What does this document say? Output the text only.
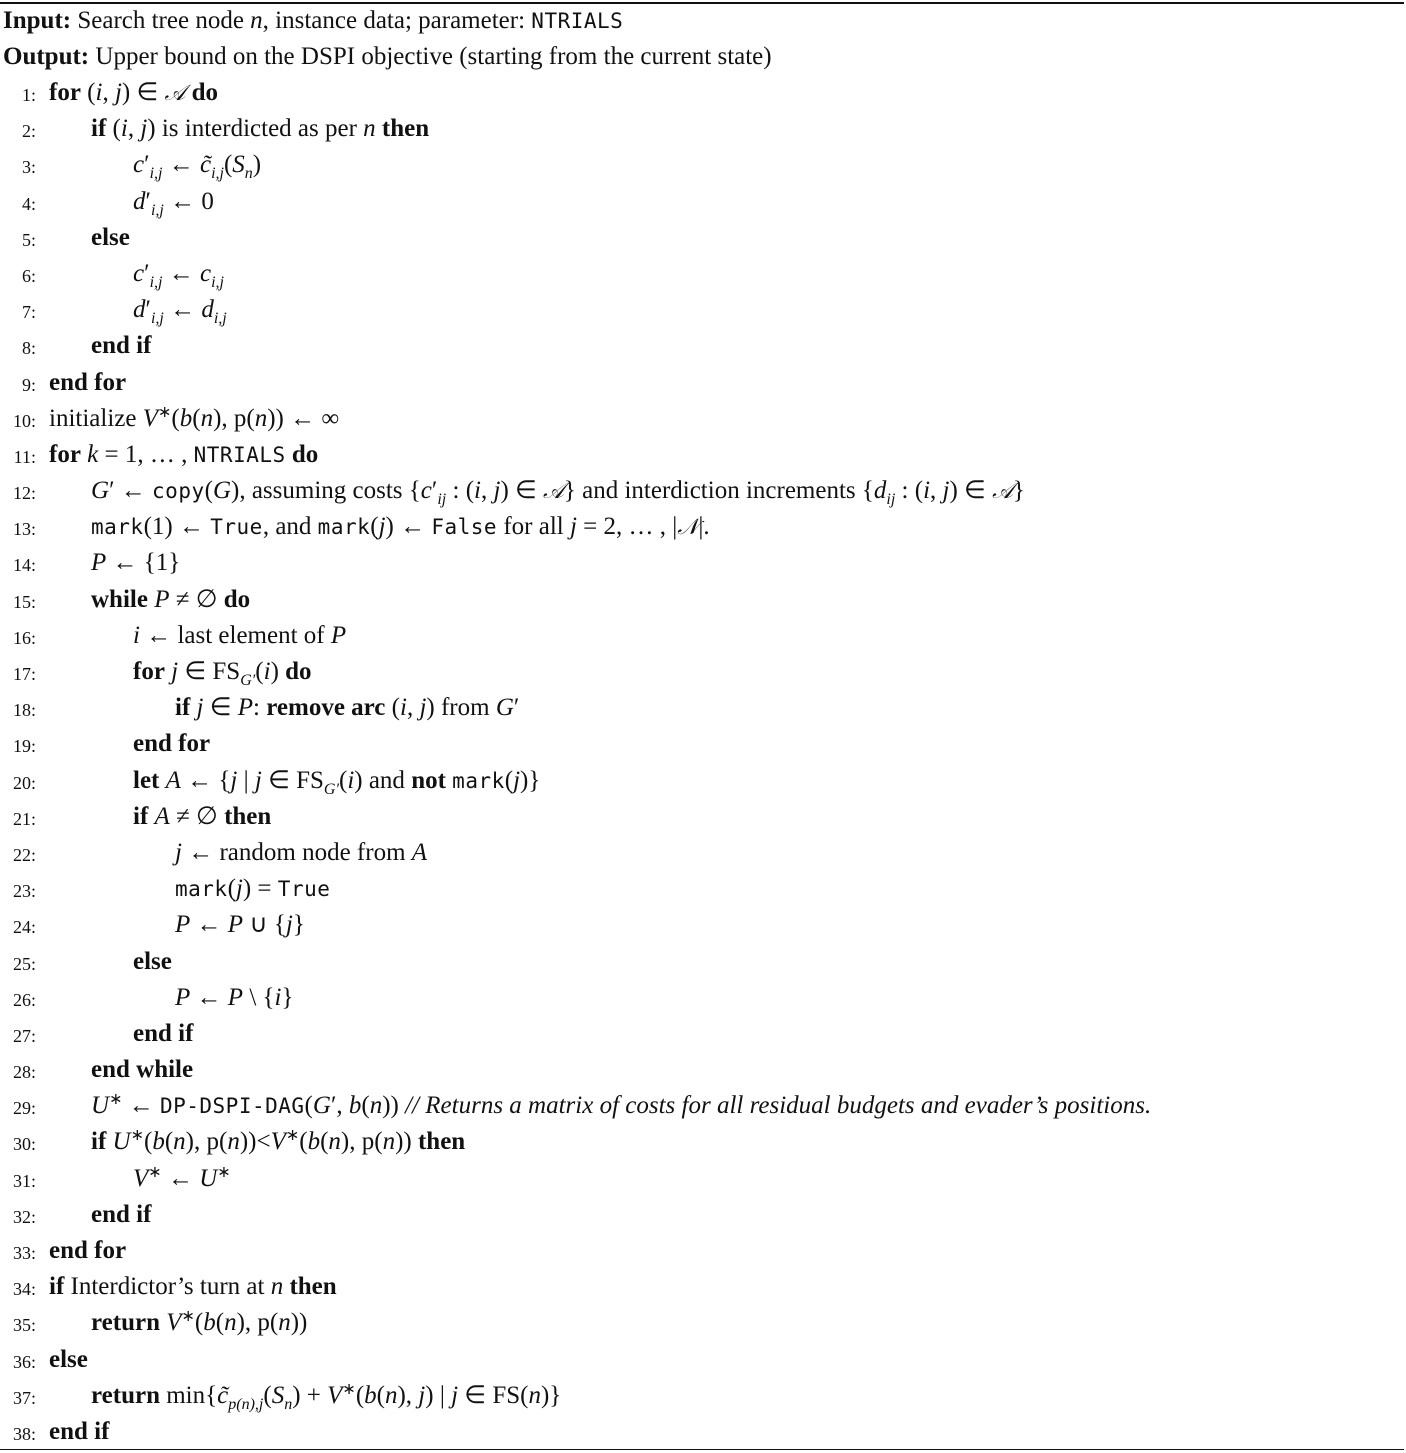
Input: Search tree node n, instance data; parameter: NTRIALS
Output: Upper bound on the DSPI objective (starting from the current state)
1: for (i, j) ∈ 𝒜 do
2: if (i, j) is interdicted as per n then
3:	$c'_{i,j}$ ← $c̃_{i,j}(S_n)$
4:	$d'_{i,j}$ ← 0
5: else
6:	$c'_{i,j}$ ← $c_{i,j}$
7:	$d'_{i,j}$ ← $d_{i,j}$
8: end if
9: end for
10: initialize V∗(b(n), p(n)) ← ∞
11: for k = 1, … , NTRIALS do
12: G′ ← copy(G), assuming costs {$c'_{ij}$ : (i, j) ∈ 𝒜} and interdiction increments {$d_{ij}$ : (i, j) ∈ 𝒜}
13:	mark(1) ← True, and mark(j) ← False for all j = 2, … , |𝒩|.
14: P ← {1}
15: while P ≠ ∅ do
16:	i ← last element of P
17:	for j ∈ $FS_{G'}(i)$ do
18:	if j ∈ P: remove arc (i, j) from G′
19:	end for
20:	let A ← {j | j ∈ $FS_{G'}(i)$ and not mark(j)}
21:	if A ≠ ∅ then
22:	j ← random node from A
23:	mark(j) = True
24:	P ← P ∪ {j}
25:	else
26:	P ← P \ {i}
27:	end if
28: end while
29: U∗ ← DP-DSPI-DAG(G′, b(n)) // Returns a matrix of costs for all residual budgets and evader’s positions.
30: if U∗(b(n), p(n))<V∗(b(n), p(n)) then
31:	V∗ ← U∗
32: end if
33: end for
34: if Interdictor’s turn at n then
35: return V∗(b(n), p(n))
36: else
37: return $\min\{c̃_{p(n),j}(S_n) + V^∗(b(n)$, j) | j ∈ FS(n)}
38: end if
